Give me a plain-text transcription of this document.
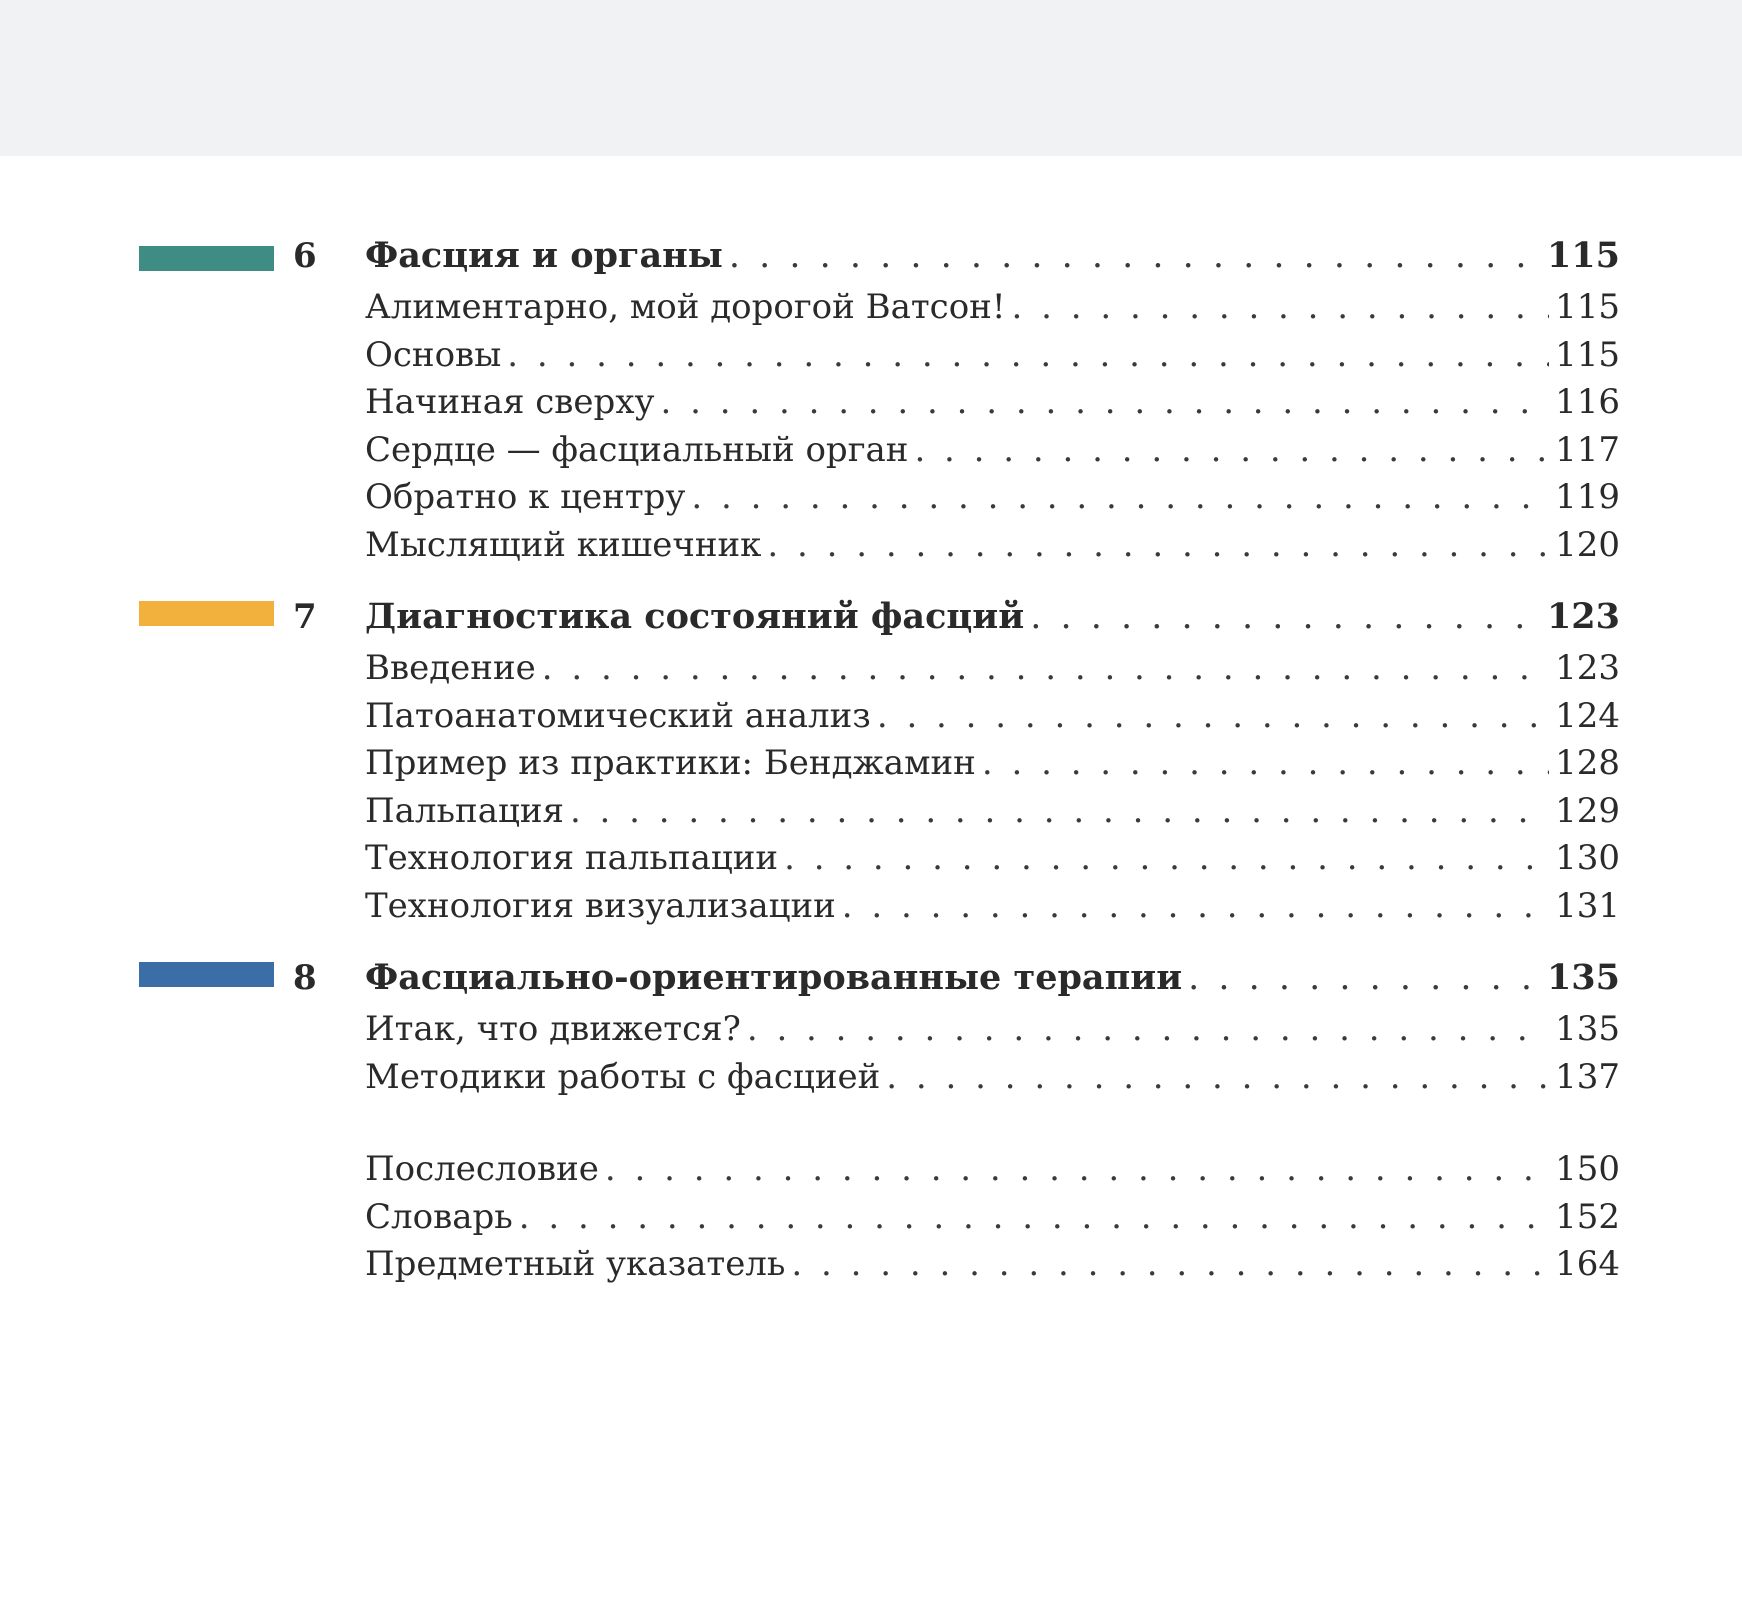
6 Фасция и органы . . .	115
Алиментарно, мой дорогой Ватсон! . . .	115
Основы . . .	115
Начиная сверху . . .	116
Сердце — фасциальный орган . . .	117
Обратно к центру . . .	119
Мыслящий кишечник . . .	120
7 Диагностика состояний фасций . . .	123
Введение . . .	123
Патоанатомический анализ . . .	124
Пример из практики: Бенджамин . . .	128
Пальпация . . .	129
Технология пальпации . . .	130
Технология визуализации . . .	131
8 Фасциально-ориентированные терапии . . .	135
Итак, что движется? . . .	135
Методики работы с фасцией . . .	137
Послесловие . . .	150
Словарь . . .	152
Предметный указатель . . .	164
